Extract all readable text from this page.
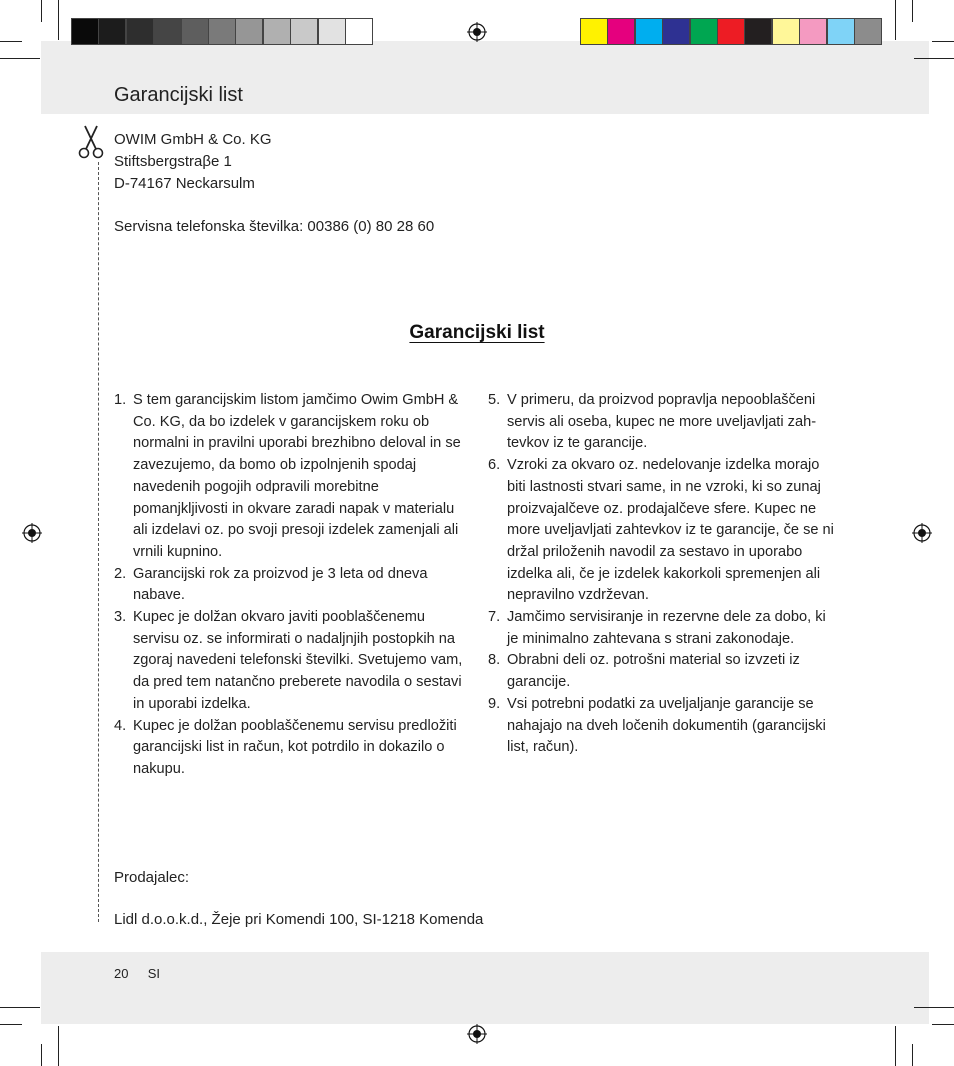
Garancijski list
OWIM GmbH & Co. KG
Stiftsbergstraβe 1
D-74167 Neckarsulm
Servisna telefonska številka: 00386 (0) 80 28 60
Garancijski list
1. S tem garancijskim listom jamčimo Owim GmbH & Co. KG, da bo izdelek v garancijskem roku ob normalni in pravilni uporabi brezhibno deloval in se zavezujemo, da bomo ob izpolnjenih spodaj navedenih pogojih odpravili morebitne pomanjkljivosti in okvare zaradi napak v materialu ali izdelavi oz. po svoji presoji izdelek zamenjali ali vrnili kupnino.
2. Garancijski rok za proizvod je 3 leta od dneva nabave.
3. Kupec je dolžan okvaro javiti pooblaščenemu servisu oz. se informirati o nadaljnjih postopkih na zgoraj navedeni telefonski številki. Svetujemo vam, da pred tem natančno preberete navodila o sestavi in uporabi izdelka.
4. Kupec je dolžan pooblaščenemu servisu predložiti garancijski list in račun, kot potrdilo in dokazilo o nakupu.
5. V primeru, da proizvod popravlja nepooblaščeni servis ali oseba, kupec ne more uveljavljati zah-tevkov iz te garancije.
6. Vzroki za okvaro oz. nedelovanje izdelka morajo biti lastnosti stvari same, in ne vzroki, ki so zunaj proizvajalčeve oz. prodajalčeve sfere. Kupec ne more uveljavljati zahtevkov iz te garancije, če se ni držal priloženih navodil za sestavo in uporabo izdelka ali, če je izdelek kakorkoli spremenjen ali nepravilno vzdrževan.
7. Jamčimo servisiranje in rezervne dele za dobo, ki je minimalno zahtevana s strani zakonodaje.
8. Obrabni deli oz. potrošni material so izvzeti iz garancije.
9. Vsi potrebni podatki za uveljaljanje garancije se nahajajo na dveh ločenih dokumentih (garancijski list, račun).
Prodajalec:
Lidl d.o.o.k.d., Žeje pri Komendi 100, SI-1218 Komenda
20 SI
